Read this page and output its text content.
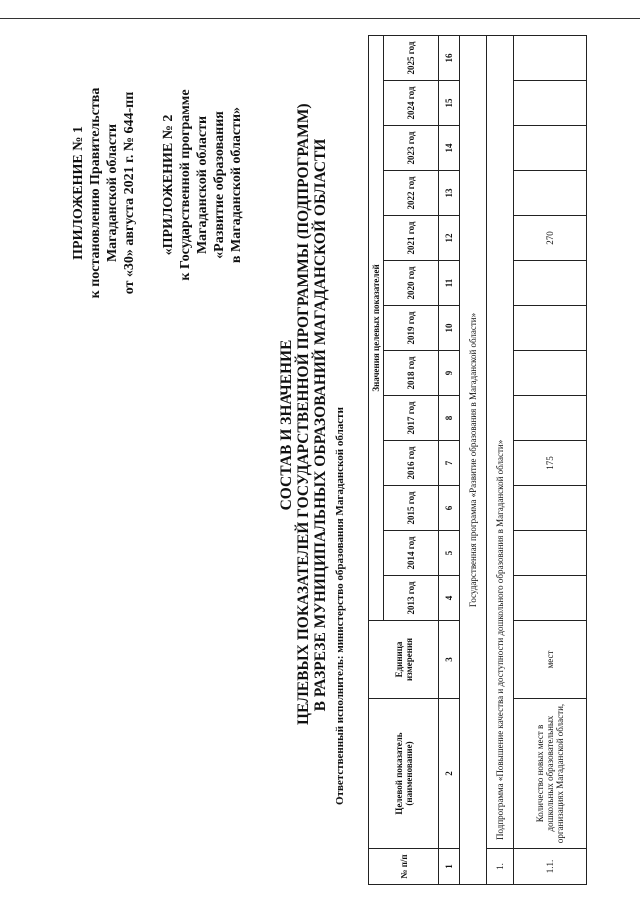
ПРИЛОЖЕНИЕ № 1 к постановлению Правительства Магаданской области от «30» августа 2021 г. № 644-пп «ПРИЛОЖЕНИЕ № 2 к Государственной программе Магаданской области «Развитие образования в Магаданской области»
СОСТАВ И ЗНАЧЕНИЕ ЦЕЛЕВЫХ ПОКАЗАТЕЛЕЙ ГОСУДАРСТВЕННОЙ ПРОГРАММЫ (ПОДПРОГРАММ) В РАЗРЕЗЕ МУНИЦИПАЛЬНЫХ ОБРАЗОВАНИЙ МАГАДАНСКОЙ ОБЛАСТИ Ответственный исполнитель: министерство образования Магаданской области
№ п/п	Целевой показатель (наименование)	Единица измерения	Значения целевых показателей												
			2013 год	2014 год	2015 год	2016 год	2017 год	2018 год	2019 год	2020 год	2021 год	2022 год	2023 год	2024 год	2025 год
1	2	3	4	5	6	7	8	9	10	11	12	13	14	15	16
Государственная программа «Развитие образования в Магаданской области»															
1.	Подпрограмма «Повышение качества и доступности дошкольного образования в Магаданской области»														
1.1.	Количество новых мест в дошкольных образовательных организациях Магаданской области,	мест				175					270				
